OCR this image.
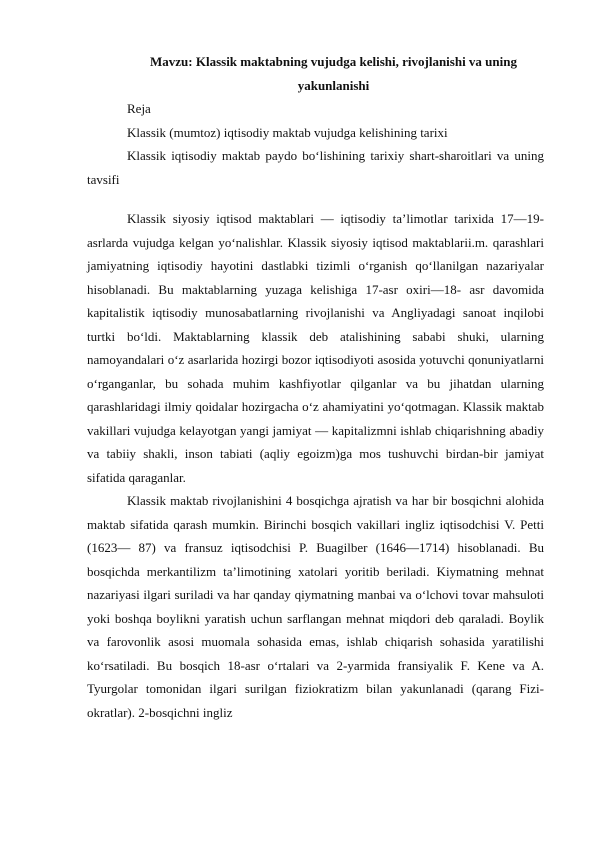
Mavzu: Klassik maktabning vujudga kelishi, rivojlanishi va uning yakunlanishi

Reja

Klassik (mumtoz) iqtisodiy maktab vujudga kelishining tarixi

Klassik iqtisodiy maktab paydo bo‘lishining tarixiy shart-sharoitlari va uning tavsifi

Klassik siyosiy iqtisod maktablari — iqtisodiy ta’limotlar tarixida 17—19-asrlarda vujudga kelgan yo‘nalishlar. Klassik siyosiy iqtisod maktablarii.m. qarashlari jamiyatning iqtisodiy hayotini dastlabki tizimli o‘rganish qo‘llanilgan nazariyalar hisoblanadi. Bu maktablarning yuzaga kelishiga 17-asr oxiri—18- asr davomida kapitalistik iqtisodiy munosabatlarning rivojlanishi va Angliyadagi sanoat inqilobi turtki bo‘ldi. Maktablarning klassik deb atalishining sababi shuki, ularning namoyandalari o‘z asarlarida hozirgi bozor iqtisodiyoti asosida yotuvchi qonuniyatlarni o‘rganganlar, bu sohada muhim kashfiyotlar qilganlar va bu jihatdan ularning qarashlaridagi ilmiy qoidalar hozirgacha o‘z ahamiyatini yo‘qotmagan. Klassik maktab vakillari vujudga kelayotgan yangi jamiyat — kapitalizmni ishlab chiqarishning abadiy va tabiiy shakli, inson tabiati (aqliy egoizm)ga mos tushuvchi birdan-bir jamiyat sifatida qaraganlar.

Klassik maktab rivojlanishini 4 bosqichga ajratish va har bir bosqichni alohida maktab sifatida qarash mumkin. Birinchi bosqich vakillari ingliz iqtisodchisi V. Petti (1623— 87) va fransuz iqtisodchisi P. Buagilber (1646—1714) hisoblanadi. Bu bosqichda merkantilizm ta’limotining xatolari yoritib beriladi. Kiymatning mehnat nazariyasi ilgari suriladi va har qanday qiymatning manbai va o‘lchovi tovar mahsuloti yoki boshqa boylikni yaratish uchun sarflangan mehnat miqdori deb qaraladi. Boylik va farovonlik asosi muomala sohasida emas, ishlab chiqarish sohasida yaratilishi ko‘rsatiladi. Bu bosqich 18-asr o‘rtalari va 2-yarmida fransiyalik F. Kene va A. Tyurgolar tomonidan ilgari surilgan fiziokratizm bilan yakunlanadi (qarang Fizi-okratlar). 2-bosqichni ingliz
